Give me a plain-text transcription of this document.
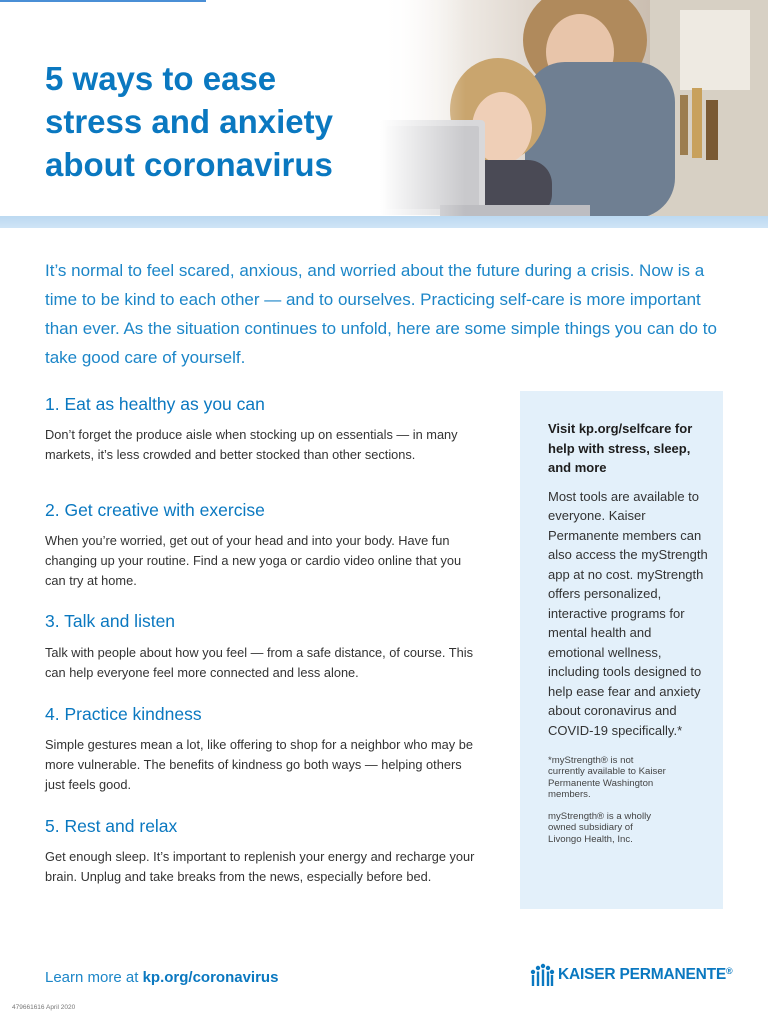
5 ways to ease
stress and anxiety
about coronavirus

It’s normal to feel scared, anxious, and worried about the future during a crisis. Now is a time to be kind to each other — and to ourselves. Practicing self-care is more important than ever. As the situation continues to unfold, here are some simple things you can do to take good care of yourself.

1. Eat as healthy as you can

Don’t forget the produce aisle when stocking up on essentials — in many markets, it’s less crowded and better stocked than other sections.

2. Get creative with exercise

When you’re worried, get out of your head and into your body. Have fun changing up your routine. Find a new yoga or cardio video online that you can try at home.

3. Talk and listen

Talk with people about how you feel — from a safe distance, of course. This can help everyone feel more connected and less alone.

4. Practice kindness

Simple gestures mean a lot, like offering to shop for a neighbor who may be more vulnerable. The benefits of kindness go both ways — helping others just feels good.

5. Rest and relax

Get enough sleep. It’s important to replenish your energy and recharge your brain. Unplug and take breaks from the news, especially before bed.

Visit kp.org/selfcare for help with stress, sleep, and more

Most tools are available to everyone. Kaiser Permanente members can also access the myStrength app at no cost. myStrength offers personalized, interactive programs for mental health and emotional wellness, including tools designed to help ease fear and anxiety about coronavirus and COVID-19 specifically.*

*myStrength® is not currently available to Kaiser Permanente Washington members.

myStrength® is a wholly owned subsidiary of Livongo Health, Inc.

Learn more at kp.org/coronavirus	KAISER PERMANENTE®
479661616 April 2020
